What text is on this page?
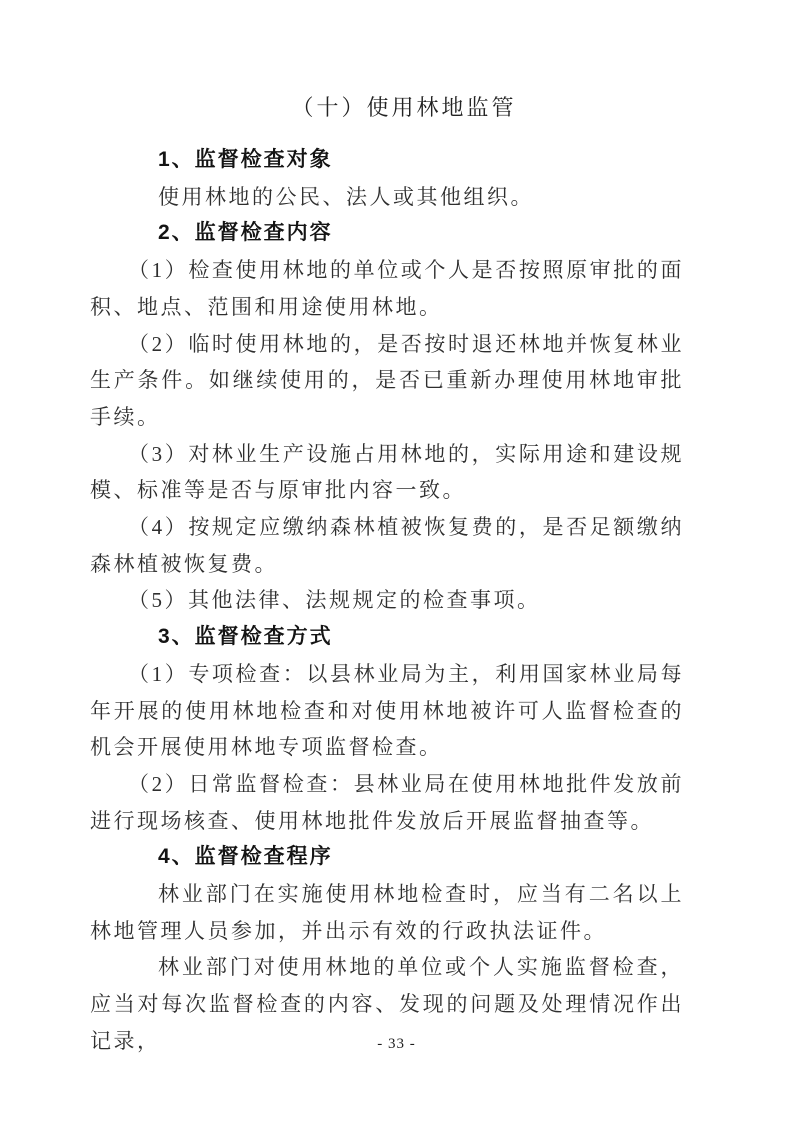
（十）使用林地监管

1、监督检查对象

使用林地的公民、法人或其他组织。

2、监督检查内容

（1）检查使用林地的单位或个人是否按照原审批的面积、地点、范围和用途使用林地。

（2）临时使用林地的，是否按时退还林地并恢复林业生产条件。如继续使用的，是否已重新办理使用林地审批手续。

（3）对林业生产设施占用林地的，实际用途和建设规模、标准等是否与原审批内容一致。

（4）按规定应缴纳森林植被恢复费的，是否足额缴纳森林植被恢复费。

（5）其他法律、法规规定的检查事项。

3、监督检查方式

（1）专项检查：以县林业局为主，利用国家林业局每年开展的使用林地检查和对使用林地被许可人监督检查的机会开展使用林地专项监督检查。

（2）日常监督检查：县林业局在使用林地批件发放前进行现场核查、使用林地批件发放后开展监督抽查等。

4、监督检查程序

林业部门在实施使用林地检查时，应当有二名以上林地管理人员参加，并出示有效的行政执法证件。

林业部门对使用林地的单位或个人实施监督检查，应当对每次监督检查的内容、发现的问题及处理情况作出记录，	- 33 -
